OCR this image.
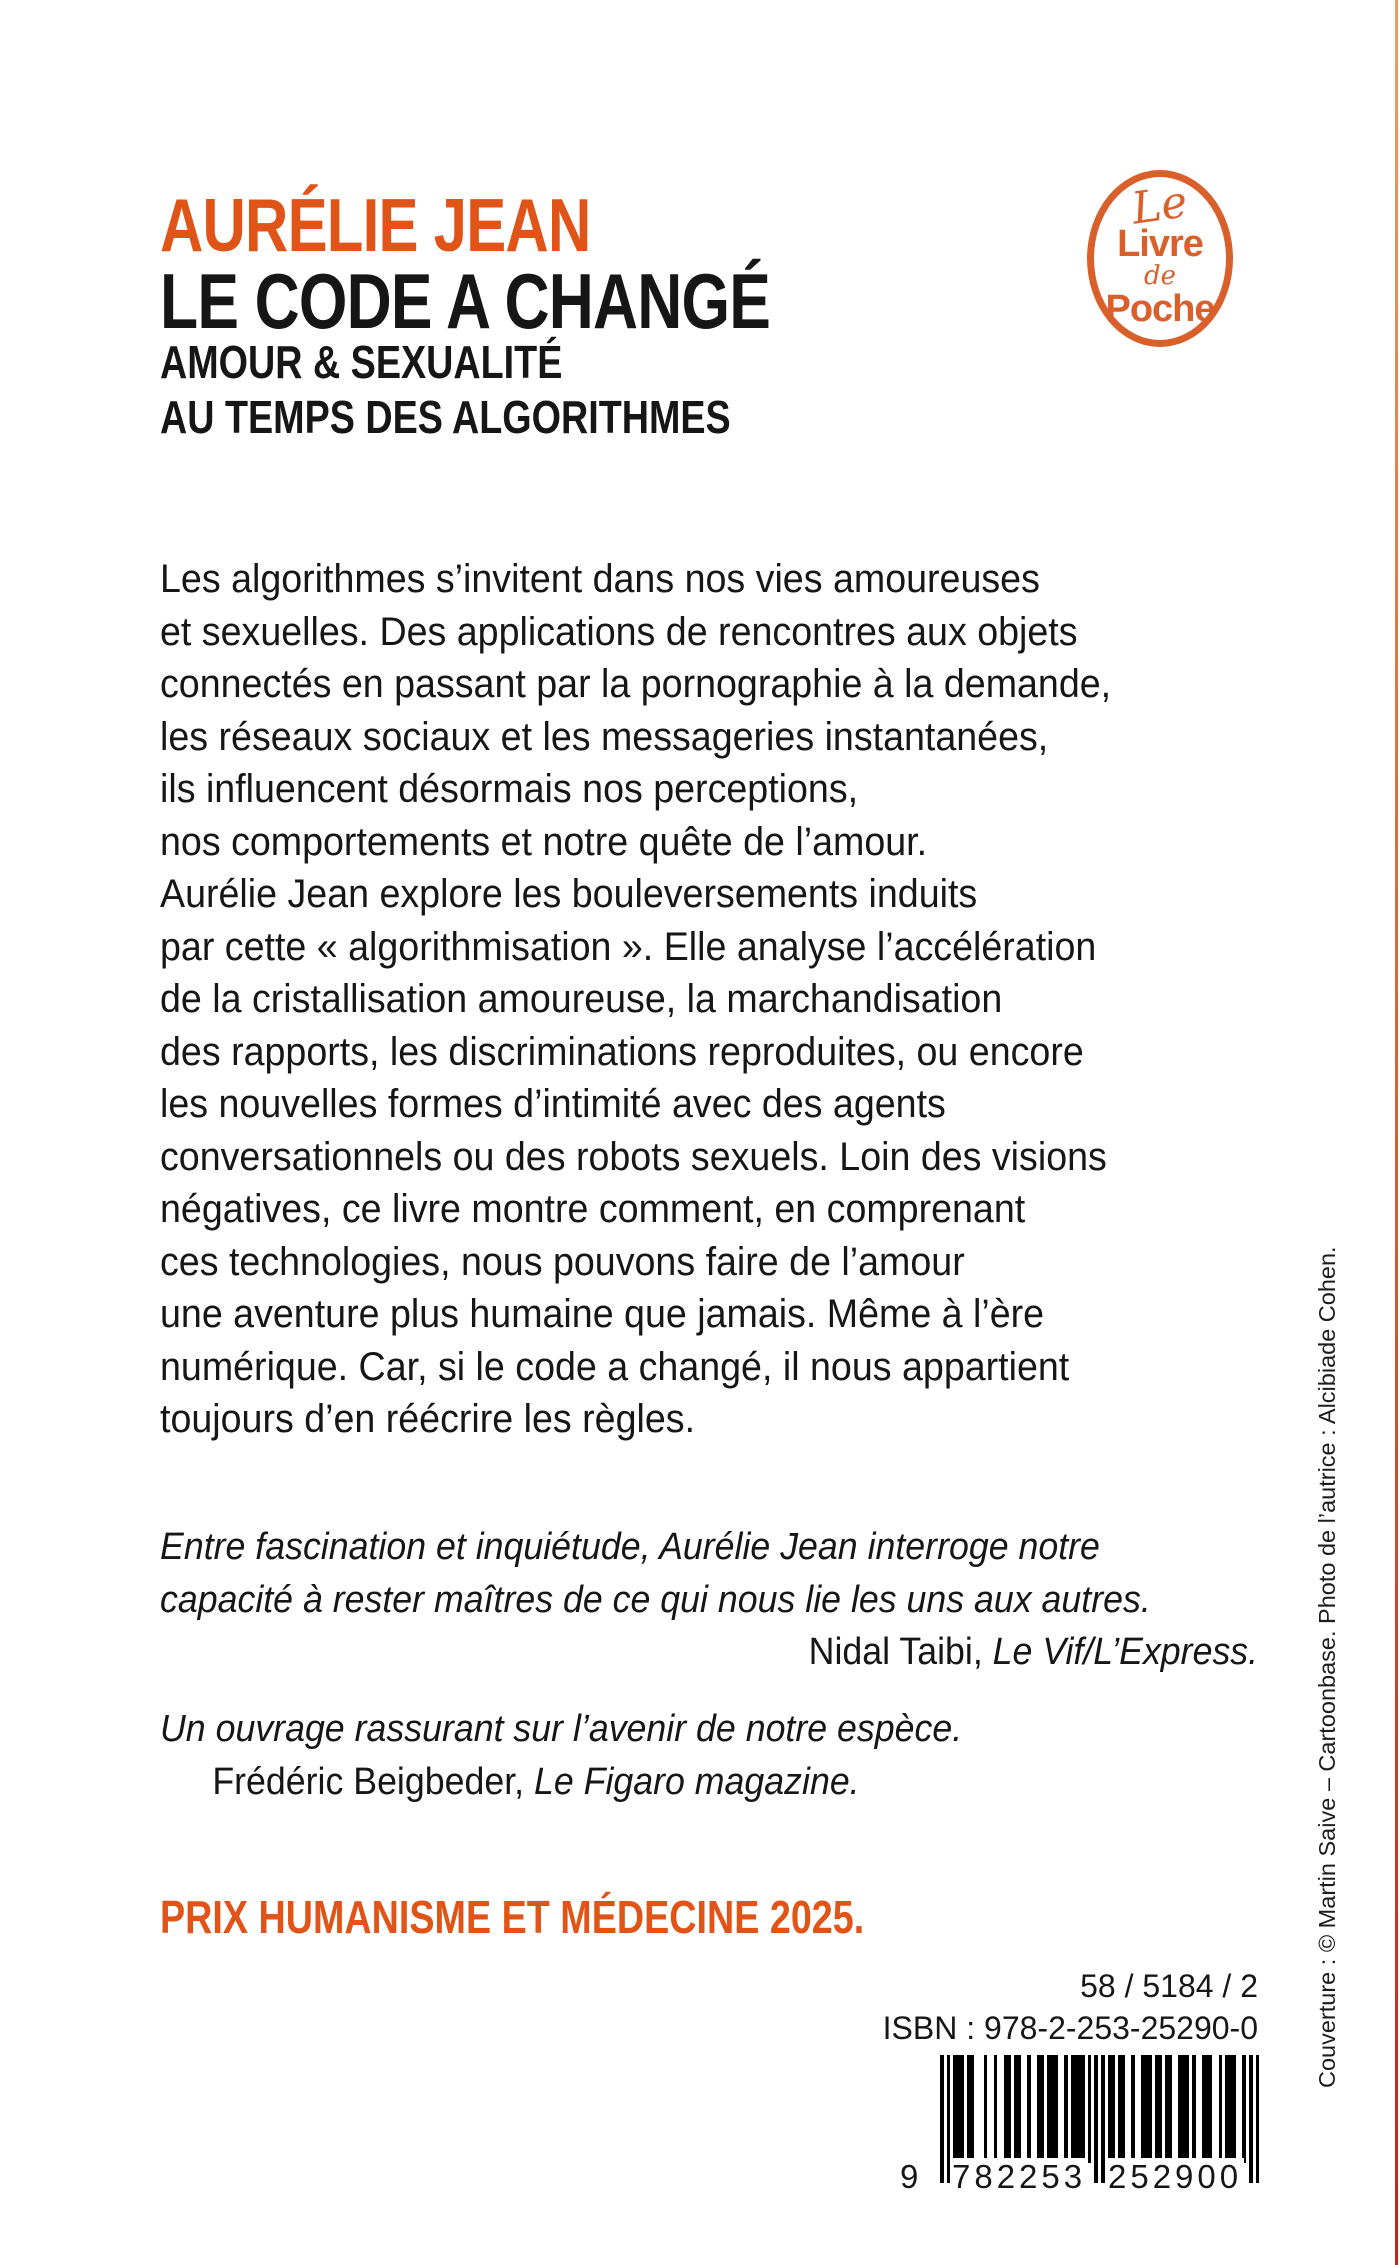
AURÉLIE JEAN
LE CODE A CHANGÉ
AMOUR & SEXUALITÉ
AU TEMPS DES ALGORITHMES
Le
Livre
de
Poche
Les algorithmes s’invitent dans nos vies amoureuses
et sexuelles. Des applications de rencontres aux objets
connectés en passant par la pornographie à la demande,
les réseaux sociaux et les messageries instantanées,
ils influencent désormais nos perceptions,
nos comportements et notre quête de l’amour.
Aurélie Jean explore les bouleversements induits
par cette « algorithmisation ». Elle analyse l’accélération
de la cristallisation amoureuse, la marchandisation
des rapports, les discriminations reproduites, ou encore
les nouvelles formes d’intimité avec des agents
conversationnels ou des robots sexuels. Loin des visions
négatives, ce livre montre comment, en comprenant
ces technologies, nous pouvons faire de l’amour
une aventure plus humaine que jamais. Même à l’ère
numérique. Car, si le code a changé, il nous appartient
toujours d’en réécrire les règles.
Entre fascination et inquiétude, Aurélie Jean interroge notre
capacité à rester maîtres de ce qui nous lie les uns aux autres.
Nidal Taibi, Le Vif/L’Express.
Un ouvrage rassurant sur l’avenir de notre espèce.
Frédéric Beigbeder, Le Figaro magazine.
PRIX HUMANISME ET MÉDECINE 2025.
58 / 5184 / 2
ISBN : 978-2-253-25290-0
9 782253 252900
Couverture : © Martin Saive – Cartoonbase. Photo de l’autrice : Alcibiade Cohen.
